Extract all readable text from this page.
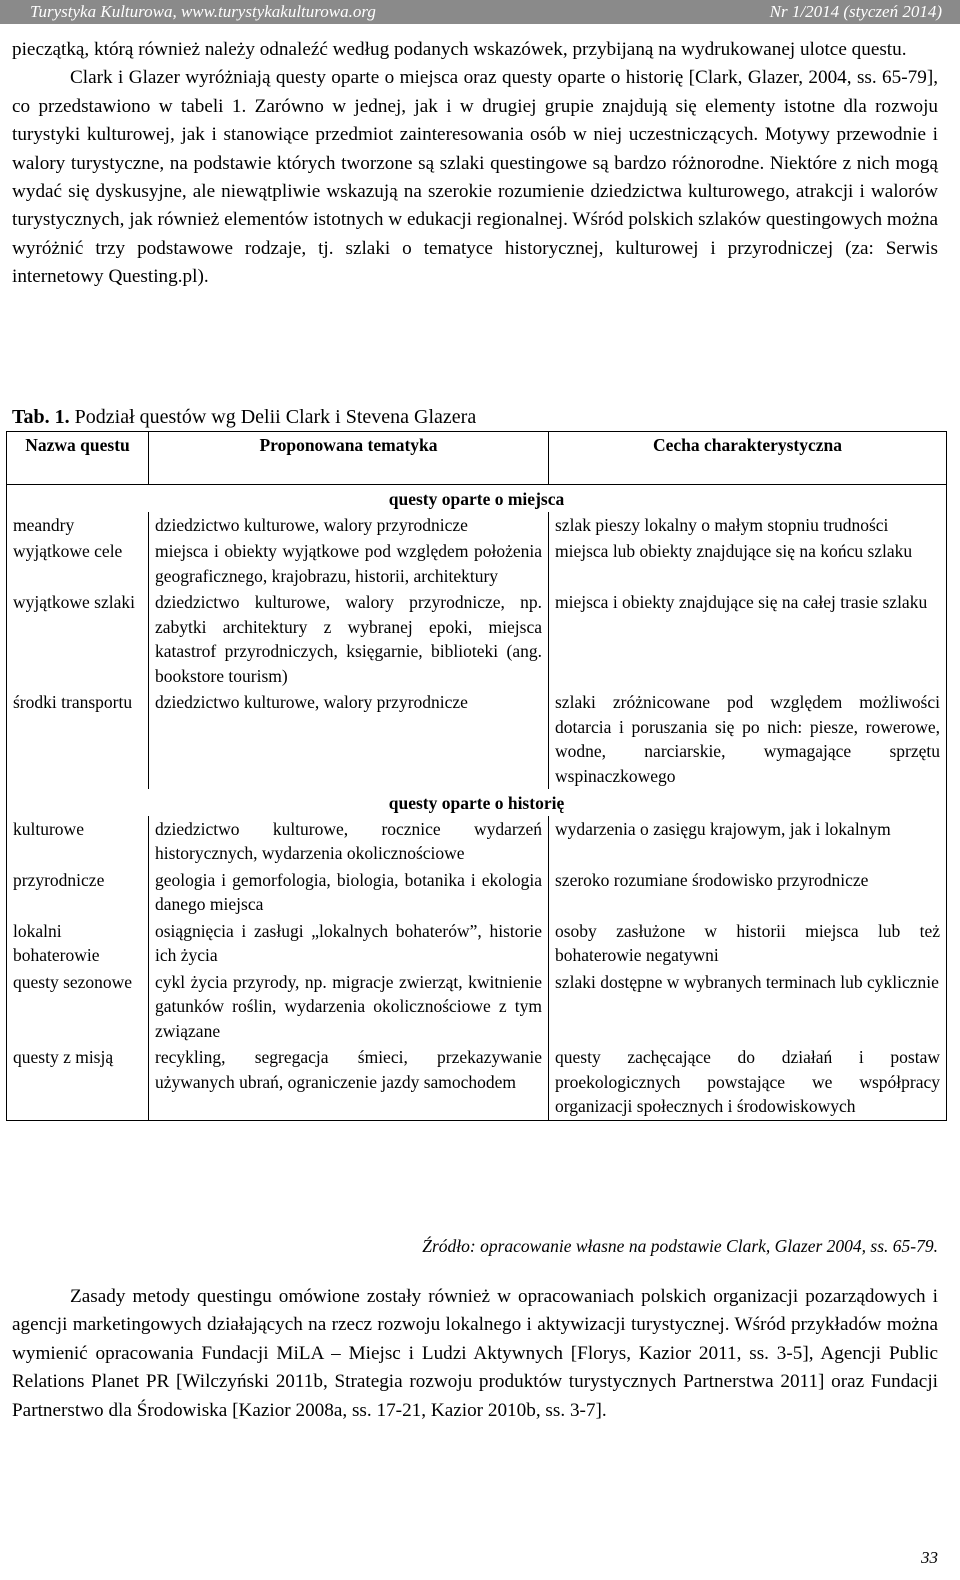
Turystyka Kulturowa, www.turystykakulturowa.org	Nr 1/2014 (styczeń 2014)
pieczątką, którą również należy odnaleźć według podanych wskazówek, przybijaną na wydrukowanej ulotce questu.
Clark i Glazer wyróżniają questy oparte o miejsca oraz questy oparte o historię [Clark, Glazer, 2004, ss. 65-79], co przedstawiono w tabeli 1. Zarówno w jednej, jak i w drugiej grupie znajdują się elementy istotne dla rozwoju turystyki kulturowej, jak i stanowiące przedmiot zainteresowania osób w niej uczestniczących. Motywy przewodnie i walory turystyczne, na podstawie których tworzone są szlaki questingowe są bardzo różnorodne. Niektóre z nich mogą wydać się dyskusyjne, ale niewątpliwie wskazują na szerokie rozumienie dziedzictwa kulturowego, atrakcji i walorów turystycznych, jak również elementów istotnych w edukacji regionalnej. Wśród polskich szlaków questingowych można wyróżnić trzy podstawowe rodzaje, tj. szlaki o tematyce historycznej, kulturowej i przyrodniczej (za: Serwis internetowy Questing.pl).
Tab. 1. Podział questów wg Delii Clark i Stevena Glazera
Nazwa questu	Proponowana tematyka	Cecha charakterystyczna
questy oparte o miejsca		
meandry	dziedzictwo kulturowe, walory przyrodnicze	szlak pieszy lokalny o małym stopniu trudności
wyjątkowe cele	miejsca i obiekty wyjątkowe pod względem położenia geograficznego, krajobrazu, historii, architektury	miejsca lub obiekty znajdujące się na końcu szlaku
wyjątkowe szlaki	dziedzictwo kulturowe, walory przyrodnicze, np. zabytki architektury z wybranej epoki, miejsca katastrof przyrodniczych, księgarnie, biblioteki (ang. bookstore tourism)	miejsca i obiekty znajdujące się na całej trasie szlaku
środki transportu	dziedzictwo kulturowe, walory przyrodnicze	szlaki zróżnicowane pod względem możliwości dotarcia i poruszania się po nich: piesze, rowerowe, wodne, narciarskie, wymagające sprzętu wspinaczkowego
questy oparte o historię		
kulturowe	dziedzictwo kulturowe, rocznice wydarzeń historycznych, wydarzenia okolicznościowe	wydarzenia o zasięgu krajowym, jak i lokalnym
przyrodnicze	geologia i gemorfologia, biologia, botanika i ekologia danego miejsca	szeroko rozumiane środowisko przyrodnicze
lokalni bohaterowie	osiągnięcia i zasługi „lokalnych bohaterów”, historie ich życia	osoby zasłużone w historii miejsca lub też bohaterowie negatywni
questy sezonowe	cykl życia przyrody, np. migracje zwierząt, kwitnienie gatunków roślin, wydarzenia okolicznościowe z tym związane	szlaki dostępne w wybranych terminach lub cyklicznie
questy z misją	recykling, segregacja śmieci, przekazywanie używanych ubrań, ograniczenie jazdy samochodem	questy zachęcające do działań i postaw proekologicznych powstające we współpracy organizacji społecznych i środowiskowych
Źródło: opracowanie własne na podstawie Clark, Glazer 2004, ss. 65-79.
Zasady metody questingu omówione zostały również w opracowaniach polskich organizacji pozarządowych i agencji marketingowych działających na rzecz rozwoju lokalnego i aktywizacji turystycznej. Wśród przykładów można wymienić opracowania Fundacji MiLA – Miejsc i Ludzi Aktywnych [Florys, Kazior 2011, ss. 3-5], Agencji Public Relations Planet PR [Wilczyński 2011b, Strategia rozwoju produktów turystycznych Partnerstwa 2011] oraz Fundacji Partnerstwo dla Środowiska [Kazior 2008a, ss. 17-21, Kazior 2010b, ss. 3-7].
33
